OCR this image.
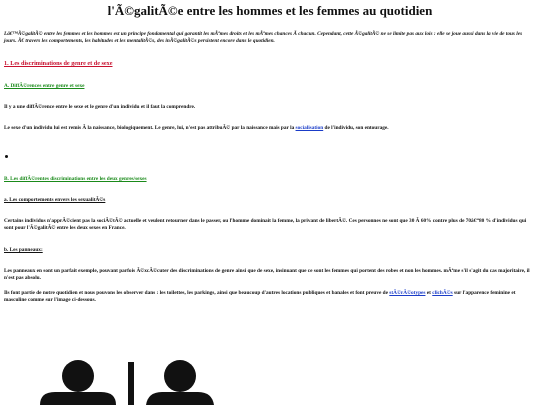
l'Ã©galitÃ©e entre les hommes et les femmes au quotidien
Lâ€™Ã©galitÃ© entre les femmes et les hommes est un principe fondamental qui garantit les mÃªmes droits et les mÃªmes chances Ã chacun. Cependant, cette Ã©galitÃ© ne se limite pas aux lois : elle se joue aussi dans la vie de tous les jours. Ã€ travers les comportements, les habitudes et les mentalitÃ©s, des inÃ©galitÃ©s persistent encore dans le quotidien.
1. Les discriminations de genre et de sexe
A. DiffÃ©rences entre genre et sexe
Il y a une diffÃ©rence entre le sexe et le genre d'un individu et il faut la comprendre.
Le sexe d'un individu lui est remis Ã la naissance, biologiquement. Le genre, lui, n'est pas attribuÃ© par la naissance mais par la socialisation de l'individu, son entourage.
B. Les diffÃ©rentes discriminations entre les deux genres/sexes
a. Les comportements envers les sexualitÃ©s
Certains individus n'apprÃ©cient pas la sociÃ©tÃ© actuelle et veulent retourner dans le passer, ou l'homme dominait la femme, la privant de libertÃ©. Ces personnes ne sont que 30 Ã 60% contre plus de 70â€“80 % d'individus qui sont pour l'Ã©galitÃ© entre les deux sexes en France.
b. Les panneaux:
Les panneaux en sont un parfait exemple, pouvant parfois Ã©xcÃ©cuter des discriminations de genre ainsi que de sexe, insinuant que ce sont les femmes qui portent des robes et non les hommes. mÃªme s'il s'agit du cas majoritaire, il n'est pas absolu.
Ils font partie de notre quotidien et nous pouvons les observer dans : les toilettes, les parkings, ainsi que beaucoup d'autres locations publiques et banales et font preuve de stÃ©rÃ©otypes et clichÃ©s sur l'apparence feminine et masculine comme sur l'image ci-dessous.
